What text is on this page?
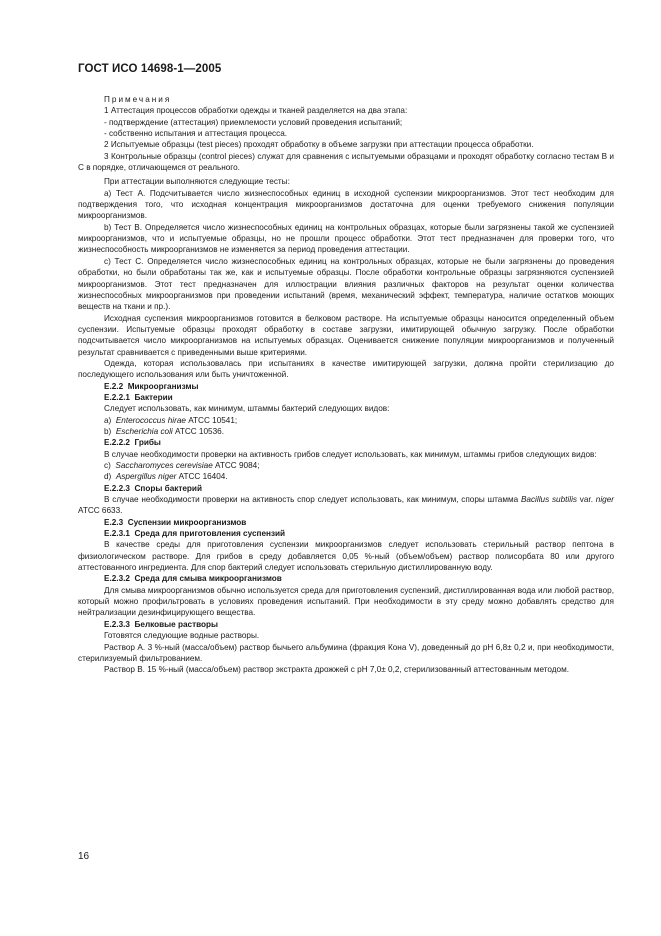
ГОСТ ИСО 14698-1—2005

Примечания

1 Аттестация процессов обработки одежды и тканей разделяется на два этапа:

- подтверждение (аттестация) приемлемости условий проведения испытаний;

- собственно испытания и аттестация процесса.

2 Испытуемые образцы (test pieces) проходят обработку в объеме загрузки при аттестации процесса обработки.

3 Контрольные образцы (control pieces) служат для сравнения с испытуемыми образцами и проходят обработку согласно тестам В и С в порядке, отличающемся от реального.

При аттестации выполняются следующие тесты:

а) Тест А. Подсчитывается число жизнеспособных единиц в исходной суспензии микроорганизмов. Этот тест необходим для подтверждения того, что исходная концентрация микроорганизмов достаточна для оценки требуемого снижения популяции микроорганизмов.

b) Тест В. Определяется число жизнеспособных единиц на контрольных образцах, которые были загрязнены такой же суспензией микроорганизмов, что и испытуемые образцы, но не прошли процесс обработки. Этот тест предназначен для проверки того, что жизнеспособность микроорганизмов не изменяется за период проведения аттестации.

с) Тест С. Определяется число жизнеспособных единиц на контрольных образцах, которые не были загрязнены до проведения обработки, но были обработаны так же, как и испытуемые образцы. После обработки контрольные образцы загрязняются суспензией микроорганизмов. Этот тест предназначен для иллюстрации влияния различных факторов на результат оценки количества жизнеспособных микроорганизмов при проведении испытаний (время, механический эффект, температура, наличие остатков моющих веществ на ткани и пр.).

Исходная суспензия микроорганизмов готовится в белковом растворе. На испытуемые образцы наносится определенный объем суспензии. Испытуемые образцы проходят обработку в составе загрузки, имитирующей обычную загрузку. После обработки подсчитывается число микроорганизмов на испытуемых образцах. Оценивается снижение популяции микроорганизмов и полученный результат сравнивается с приведенными выше критериями.

Одежда, которая использовалась при испытаниях в качестве имитирующей загрузки, должна пройти стерилизацию до последующего использования или быть уничтоженной.

Е.2.2 Микроорганизмы

Е.2.2.1 Бактерии

Следует использовать, как минимум, штаммы бактерий следующих видов:

а) Enterococcus hirae АТСС 10541;

b) Escherichia coli АТСС 10536.

Е.2.2.2 Грибы

В случае необходимости проверки на активность грибов следует использовать, как минимум, штаммы грибов следующих видов:

с) Saccharomyces cerevisiae АТСС 9084;

d) Aspergillus niger АТСС 16404.

Е.2.2.3 Споры бактерий

В случае необходимости проверки на активность спор следует использовать, как минимум, споры штамма Bacillus subtilis var. niger АТСС 6633.

Е.2.3 Суспензии микроорганизмов

Е.2.3.1 Среда для приготовления суспензий

В качестве среды для приготовления суспензии микроорганизмов следует использовать стерильный раствор пептона в физиологическом растворе. Для грибов в среду добавляется 0,05 %-ный (объем/объем) раствор полисорбата 80 или другого аттестованного ингредиента. Для спор бактерий следует использовать стерильную дистиллированную воду.

Е.2.3.2 Среда для смыва микроорганизмов

Для смыва микроорганизмов обычно используется среда для приготовления суспензий, дистиллированная вода или любой раствор, который можно профильтровать в условиях проведения испытаний. При необходимости в эту среду можно добавлять средство для нейтрализации дезинфицирующего вещества.

Е.2.3.3 Белковые растворы

Готовятся следующие водные растворы.

Раствор А. 3 %-ный (масса/объем) раствор бычьего альбумина (фракция Кона V), доведенный до рН 6,8± 0,2 и, при необходимости, стерилизуемый фильтрованием.

Раствор В. 15 %-ный (масса/объем) раствор экстракта дрожжей с рН 7,0± 0,2, стерилизованный аттестованным методом.

16
